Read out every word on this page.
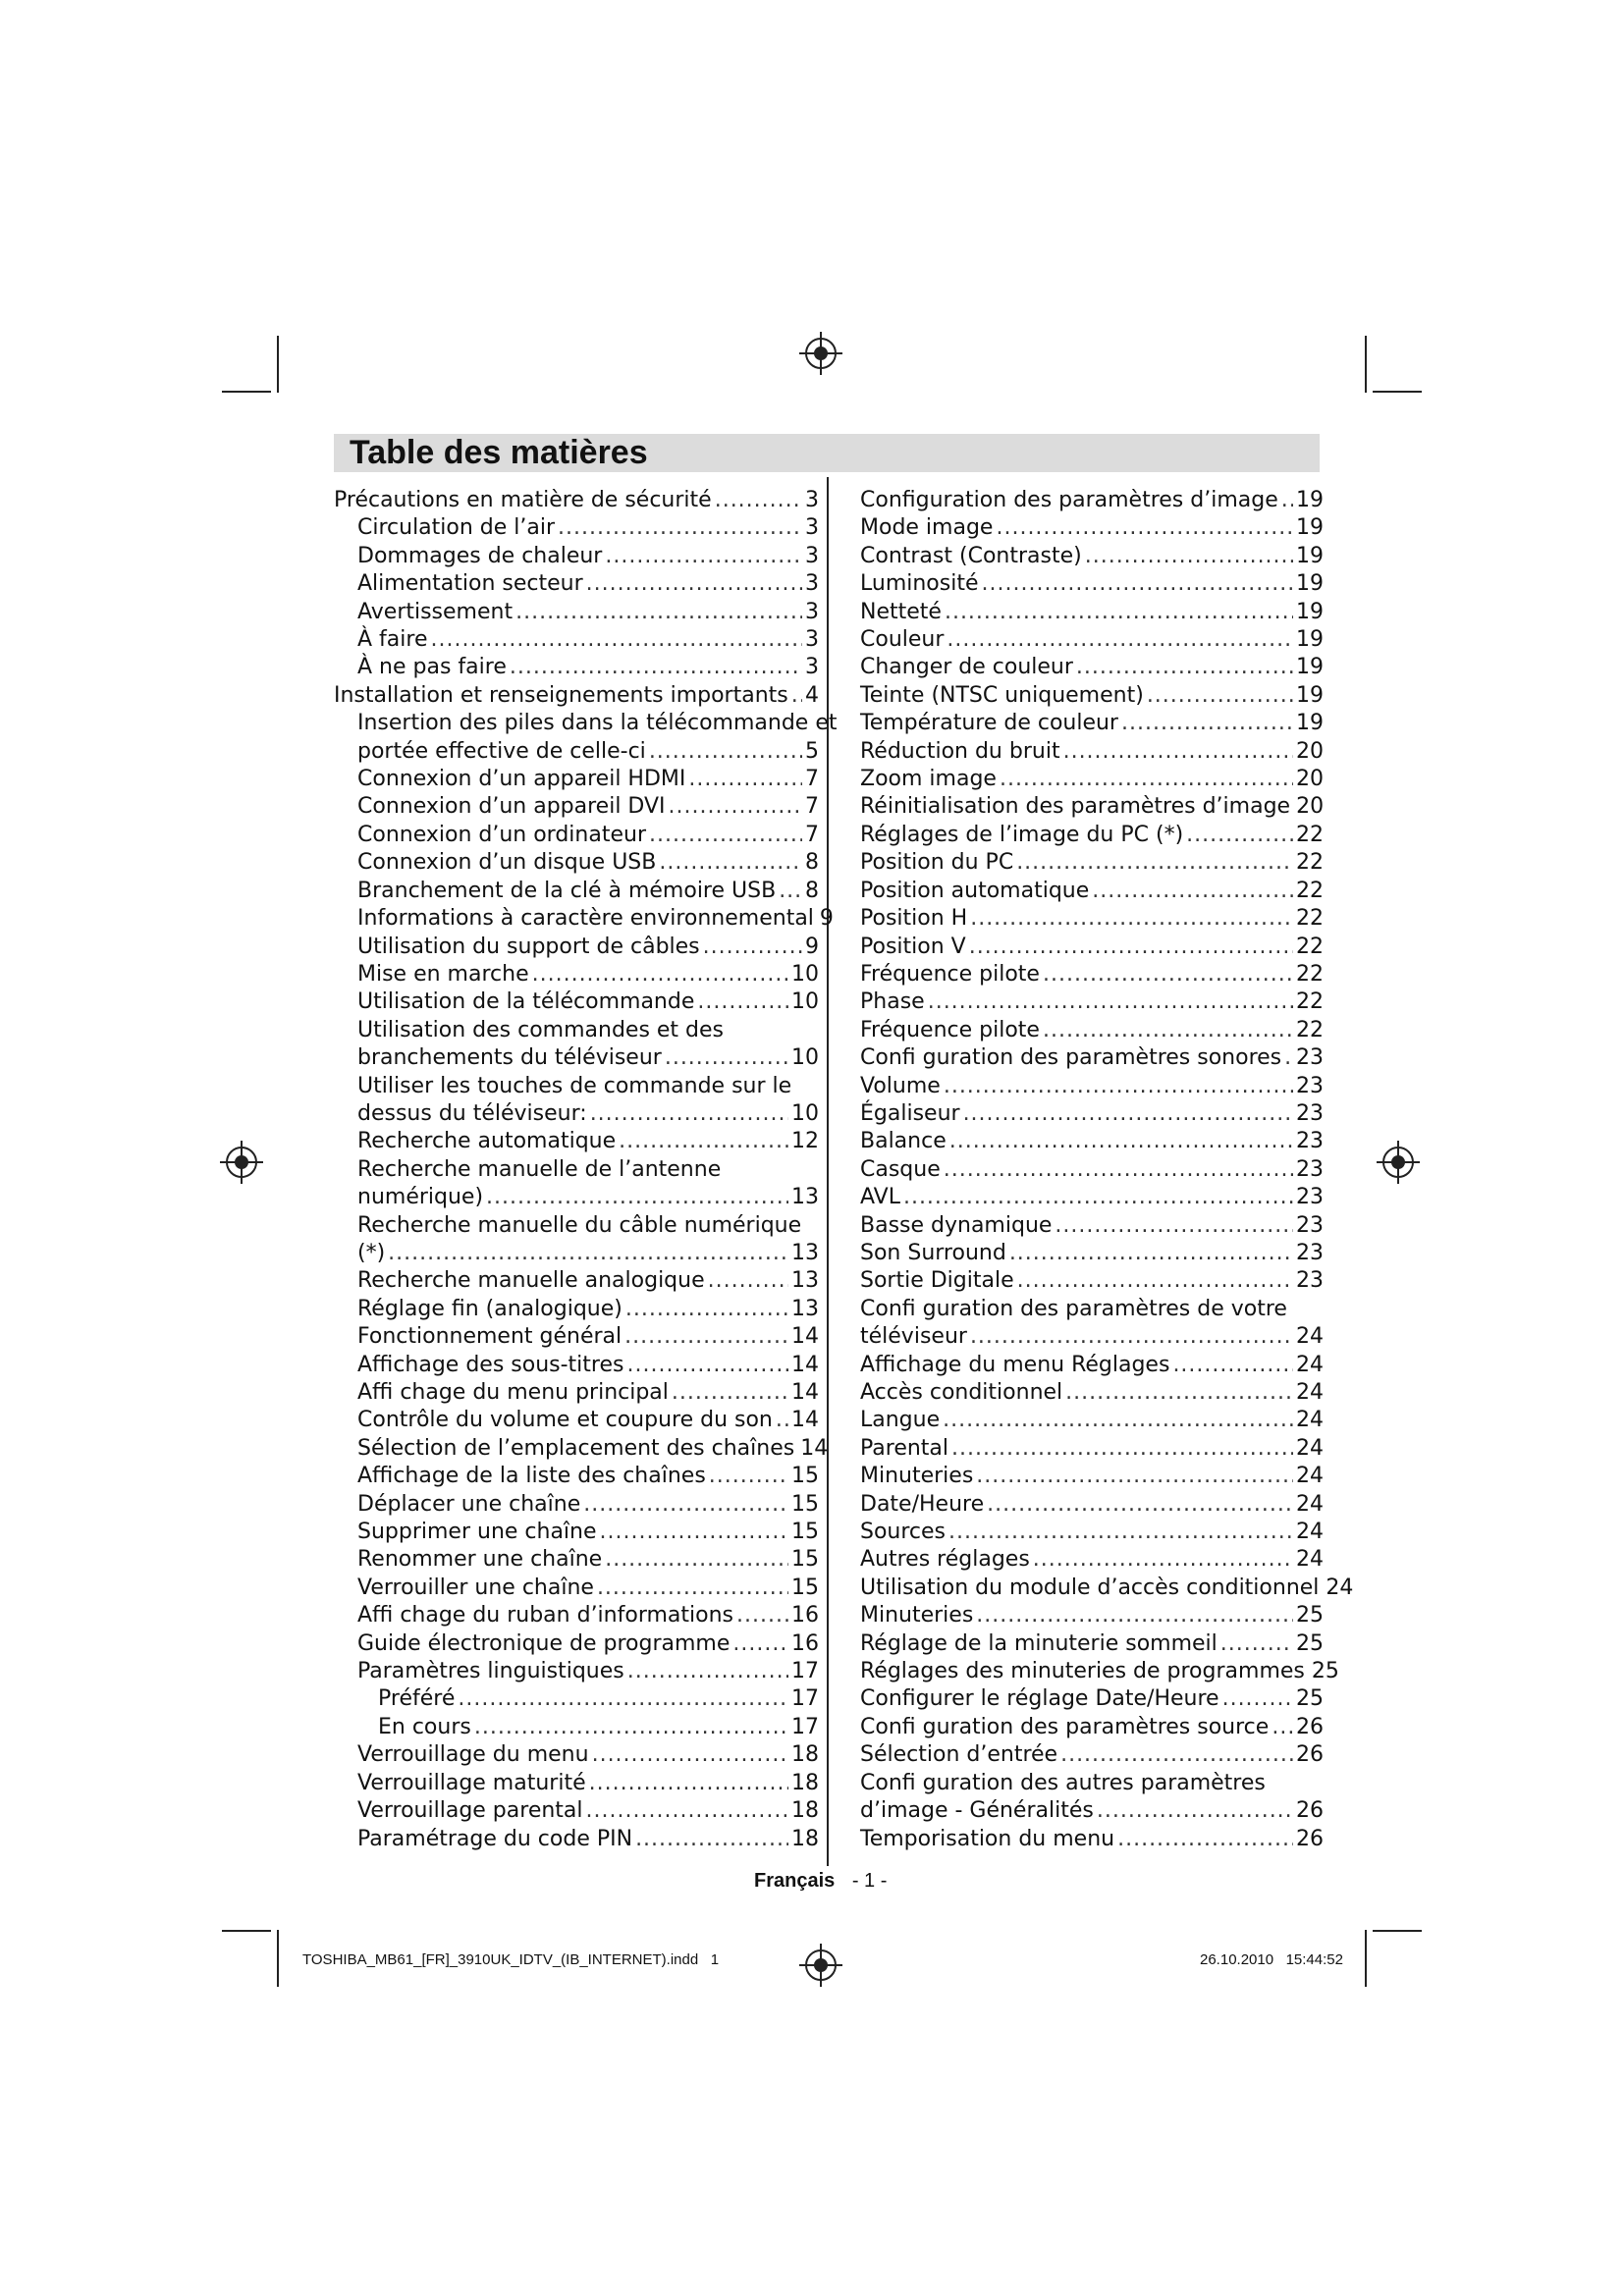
Table des matières
Précautions en matière de sécurité .....	3
Circulation de l’air .....	3
Dommages de chaleur .....	3
Alimentation secteur .....	3
Avertissement .....	3
À faire .....	3
À ne pas faire .....	3
Installation et renseignements importants ..... 4
Insertion des piles dans la télécommande et
portée effective de celle-ci .....	5
Connexion d’un appareil HDMI .....	7
Connexion d’un appareil DVI .....	7
Connexion d’un ordinateur .....	7
Connexion d’un disque USB .....	8
Branchement de la clé à mémoire USB ..... 8
Informations à caractère environnemental 9
Utilisation du support de câbles .....	9
Mise en marche .....	10
Utilisation de la télécommande .....	10
Utilisation des commandes et des
branchements du téléviseur .....	10
Utiliser les touches de commande sur le
dessus du téléviseur: .....	10
Recherche automatique .....	12
Recherche manuelle de l’antenne
numérique) .....	13
Recherche manuelle du câble numérique
(*) .....	13
Recherche manuelle analogique .....	13
Réglage fin (analogique) .....	13
Fonctionnement général .....	14
Affichage des sous-titres .....	14
Affi chage du menu principal .....	14
Contrôle du volume et coupure du son ..... 14
Sélection de l’emplacement des chaînes 14
Affichage de la liste des chaînes .....	15
Déplacer une chaîne .....	15
Supprimer une chaîne .....	15
Renommer une chaîne .....	15
Verrouiller une chaîne .....	15
Affi chage du ruban d’informations .....	16
Guide électronique de programme .....	16
Paramètres linguistiques .....	17
Préféré .....	17
En cours .....	17
Verrouillage du menu .....	18
Verrouillage maturité .....	18
Verrouillage parental .....	18
Paramétrage du code PIN .....	18
Configuration des paramètres d’image ..... 19
Mode image .....	19
Contrast (Contraste) .....	19
Luminosité .....	19
Netteté .....	19
Couleur .....	19
Changer de couleur .....	19
Teinte (NTSC uniquement) .....	19
Température de couleur .....	19
Réduction du bruit .....	20
Zoom image .....	20
Réinitialisation des paramètres d’image 20
Réglages de l’image du PC (*) .....	22
Position du PC .....	22
Position automatique .....	22
Position H .....	22
Position V .....	22
Fréquence pilote .....	22
Phase .....	22
Fréquence pilote .....	22
Confi guration des paramètres sonores ..... 23
Volume .....	23
Égaliseur .....	23
Balance .....	23
Casque .....	23
AVL .....	23
Basse dynamique .....	23
Son Surround .....	23
Sortie Digitale .....	23
Confi guration des paramètres de votre
téléviseur .....	24
Affichage du menu Réglages .....	24
Accès conditionnel .....	24
Langue .....	24
Parental .....	24
Minuteries .....	24
Date/Heure .....	24
Sources .....	24
Autres réglages .....	24
Utilisation du module d’accès conditionnel 24
Minuteries .....	25
Réglage de la minuterie sommeil .....	25
Réglages des minuteries de programmes 25
Configurer le réglage Date/Heure .....	25
Confi guration des paramètres source ..... 26
Sélection d’entrée .....	26
Confi guration des autres paramètres
d’image - Généralités .....	26
Temporisation du menu .....	26
Français - 1 -
TOSHIBA_MB61_[FR]_3910UK_IDTV_(IB_INTERNET).indd   1	26.10.2010   15:44:52
